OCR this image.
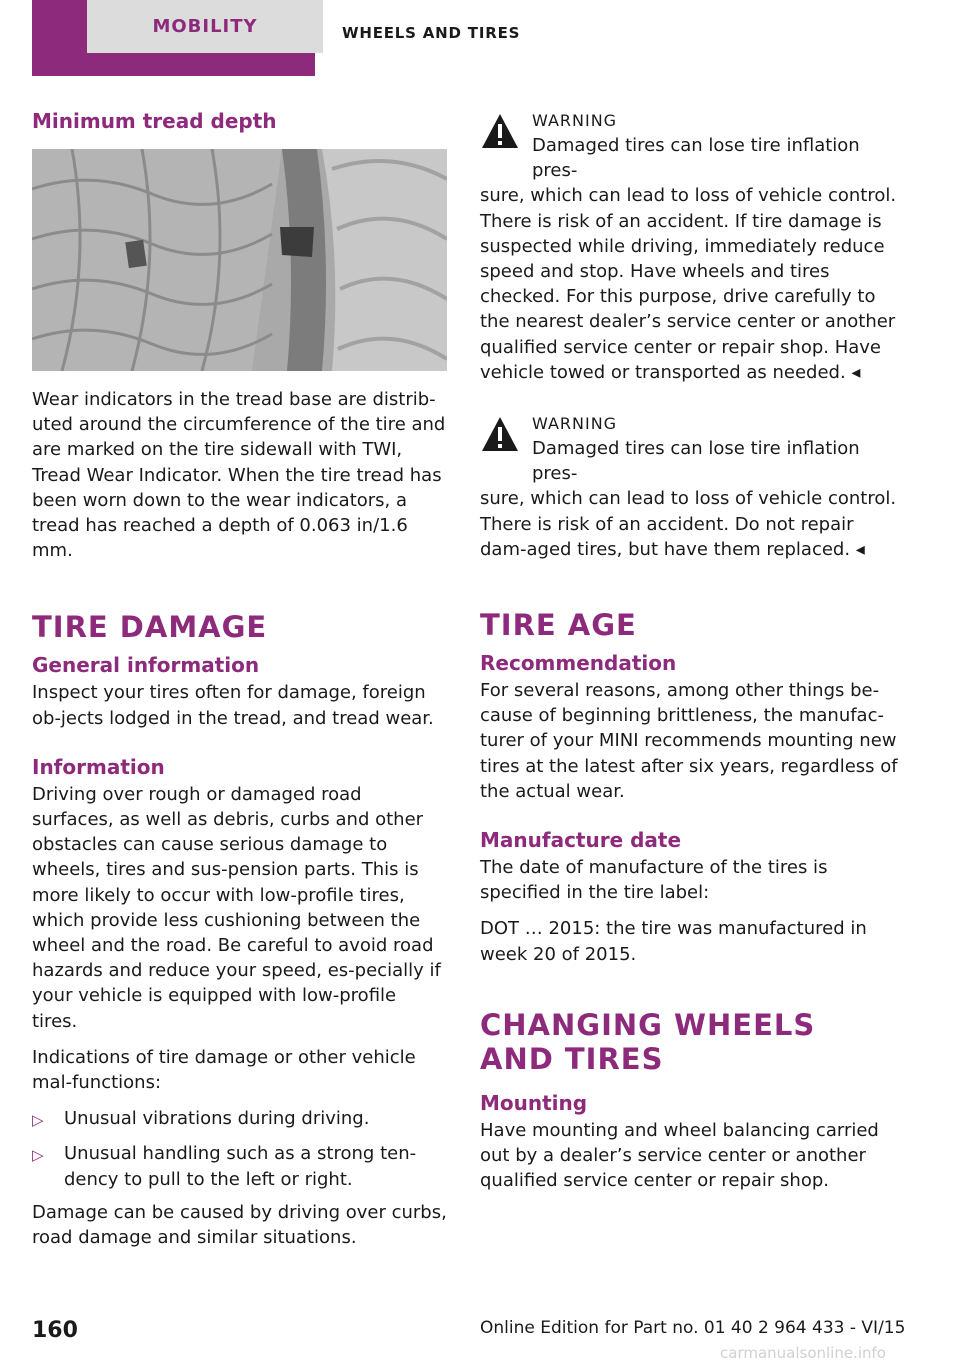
MOBILITY	WHEELS AND TIRES
Minimum tread depth

Wear indicators in the tread base are distrib‐uted around the circumference of the tire and are marked on the tire sidewall with TWI, Tread Wear Indicator. When the tire tread has been worn down to the wear indicators, a tread has reached a depth of 0.063 in/1.6 mm.

TIRE DAMAGE
General information

Inspect your tires often for damage, foreign ob‐jects lodged in the tread, and tread wear.

Information

Driving over rough or damaged road surfaces, as well as debris, curbs and other obstacles can cause serious damage to wheels, tires and sus‐pension parts. This is more likely to occur with low-profile tires, which provide less cushioning between the wheel and the road. Be careful to avoid road hazards and reduce your speed, es‐pecially if your vehicle is equipped with low-profile tires.

Indications of tire damage or other vehicle mal‐functions:

▷	Unusual vibrations during driving.
▷	Unusual handling such as a strong ten‐dency to pull to the left or right.

Damage can be caused by driving over curbs, road damage and similar situations.

WARNING
Damaged tires can lose tire inflation pres‐
sure, which can lead to loss of vehicle control. There is risk of an accident. If tire damage is suspected while driving, immediately reduce speed and stop. Have wheels and tires checked. For this purpose, drive carefully to the nearest dealer’s service center or another qualified service center or repair shop. Have vehicle towed or transported as needed. ◂
WARNING
Damaged tires can lose tire inflation pres‐
sure, which can lead to loss of vehicle control. There is risk of an accident. Do not repair dam‐aged tires, but have them replaced. ◂
TIRE AGE
Recommendation

For several reasons, among other things be‐cause of beginning brittleness, the manufac‐turer of your MINI recommends mounting new tires at the latest after six years, regardless of the actual wear.

Manufacture date

The date of manufacture of the tires is specified in the tire label:

DOT … 2015: the tire was manufactured in week 20 of 2015.

CHANGING WHEELS AND TIRES
Mounting

Have mounting and wheel balancing carried out by a dealer’s service center or another qualified service center or repair shop.

160	Online Edition for Part no. 01 40 2 964 433 - VI/15
carmanualsonline.info
